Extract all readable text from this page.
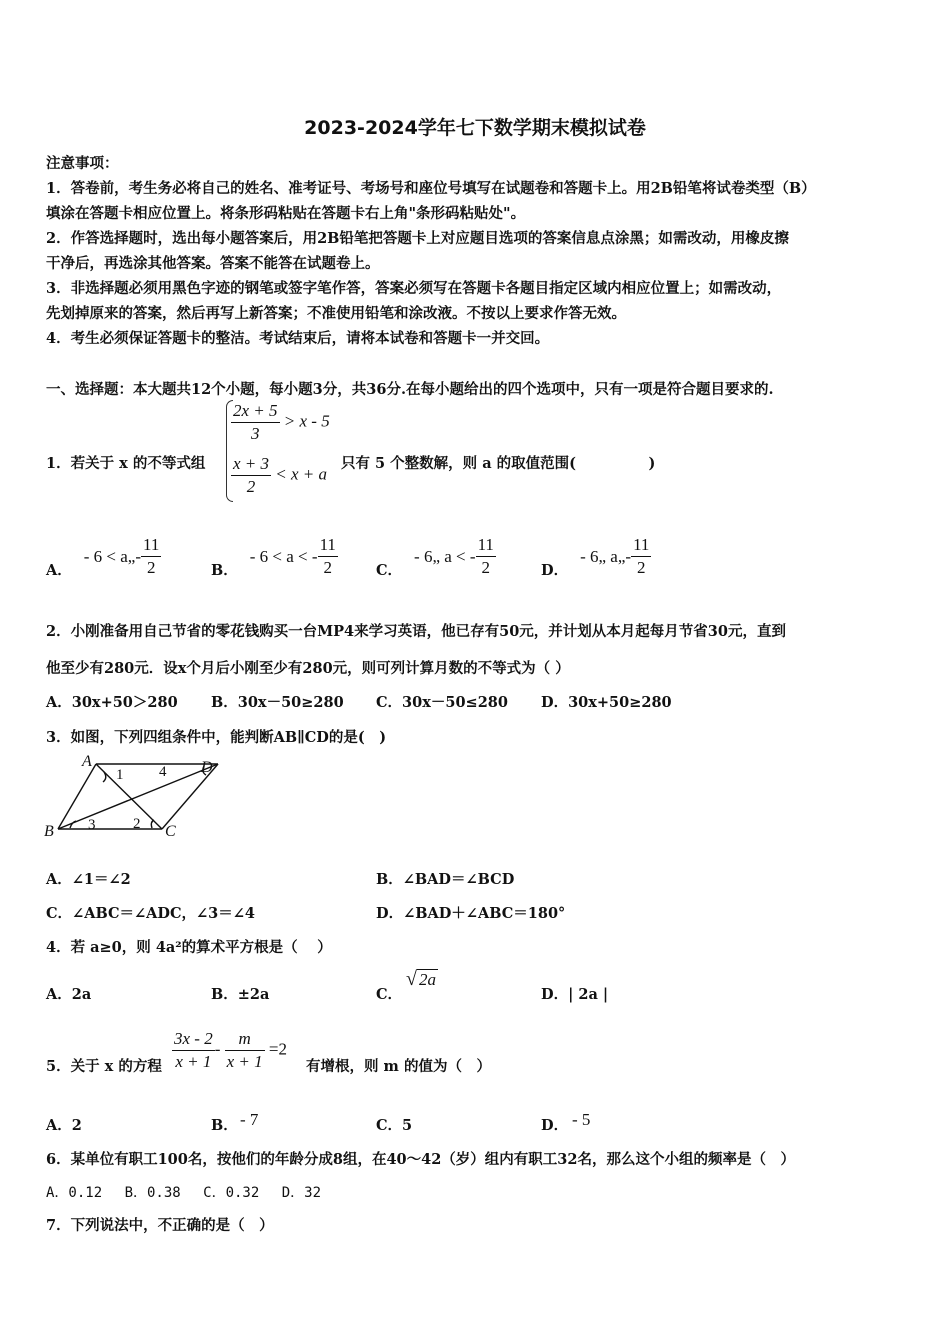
2023-2024学年七下数学期末模拟试卷
注意事项：
1．答卷前，考生务必将自己的姓名、准考证号、考场号和座位号填写在试题卷和答题卡上。用2B铅笔将试卷类型（B）
填涂在答题卡相应位置上。将条形码粘贴在答题卡右上角"条形码粘贴处"。
2．作答选择题时，选出每小题答案后，用2B铅笔把答题卡上对应题目选项的答案信息点涂黑；如需改动，用橡皮擦
干净后，再选涂其他答案。答案不能答在试题卷上。
3．非选择题必须用黑色字迹的钢笔或签字笔作答，答案必须写在答题卡各题目指定区域内相应位置上；如需改动，
先划掉原来的答案，然后再写上新答案；不准使用铅笔和涂改液。不按以上要求作答无效。
4．考生必须保证答题卡的整洁。考试结束后，请将本试卷和答题卡一并交回。
一、选择题：本大题共12个小题，每小题3分，共36分.在每小题给出的四个选项中，只有一项是符合题目要求的.
1．若关于 x 的不等式组
$\frac{2x + 5}{3} > x - 5$
$\frac{x + 3}{2} < x + a$
只有 5 个整数解，则 a 的取值范围(　　　　　)
A．
- 6 < a„ - $\frac{11}{2}$	B．
- 6 < a < - $\frac{11}{2}$	C．
- 6„ a < - $\frac{11}{2}$	D．
- 6„ a„ - $\frac{11}{2}$
2．小刚准备用自己节省的零花钱购买一台MP4来学习英语，他已存有50元，并计划从本月起每月节省30元，直到
他至少有280元．设x个月后小刚至少有280元，则可列计算月数的不等式为（ ）
A．30x+50＞280 B．30x－50≥280 C．30x－50≤280 D．30x+50≥280
3．如图，下列四组条件中，能判断AB∥CD的是(　)
A
B	C
D
1
2
3
4
A．∠1＝∠2	B．∠BAD＝∠BCD
C．∠ABC＝∠ADC，∠3＝∠4	D．∠BAD＋∠ABC＝180°
4．若 a≥0，则 4a²的算术平方根是（　 ）
A．2a	B．±2a	C．
√ 2a
D．| 2a |
5．关于 x 的方程 $\frac{3x - 2}{x + 1} - \frac{m}{x + 1} =2$
有增根，则 m 的值为（　）
A．2	B． - 7	C．5	D． - 5
6．某单位有职工100名，按他们的年龄分成8组，在40～42（岁）组内有职工32名，那么这个小组的频率是（　）
A．0.12　 B．0.38　 C．0.32　 D．32
7．下列说法中，不正确的是（　）
